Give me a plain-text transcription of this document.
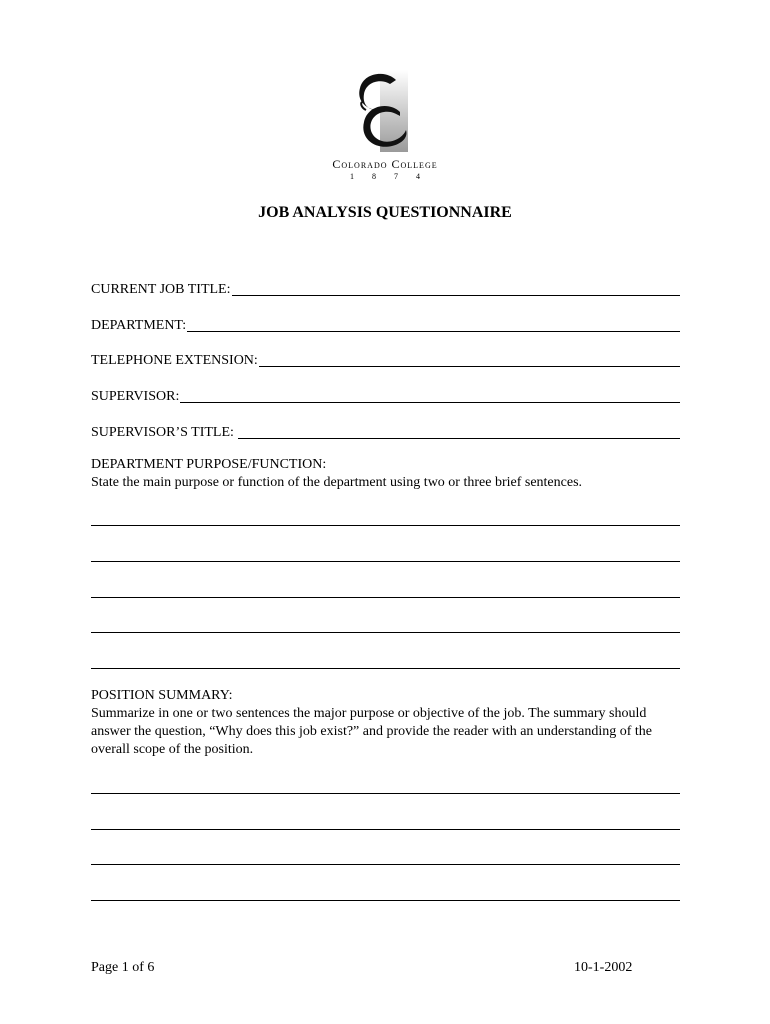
Colorado College
1 8 7 4
JOB ANALYSIS QUESTIONNAIRE
CURRENT JOB TITLE:
DEPARTMENT:
TELEPHONE EXTENSION:
SUPERVISOR:
SUPERVISOR’S TITLE:
DEPARTMENT PURPOSE/FUNCTION:
State the main purpose or function of the department using two or three brief sentences.
POSITION SUMMARY:
Summarize in one or two sentences the major purpose or objective of the job. The summary should answer the question, “Why does this job exist?” and provide the reader with an understanding of the overall scope of the position.
Page 1 of 6	10-1-2002
